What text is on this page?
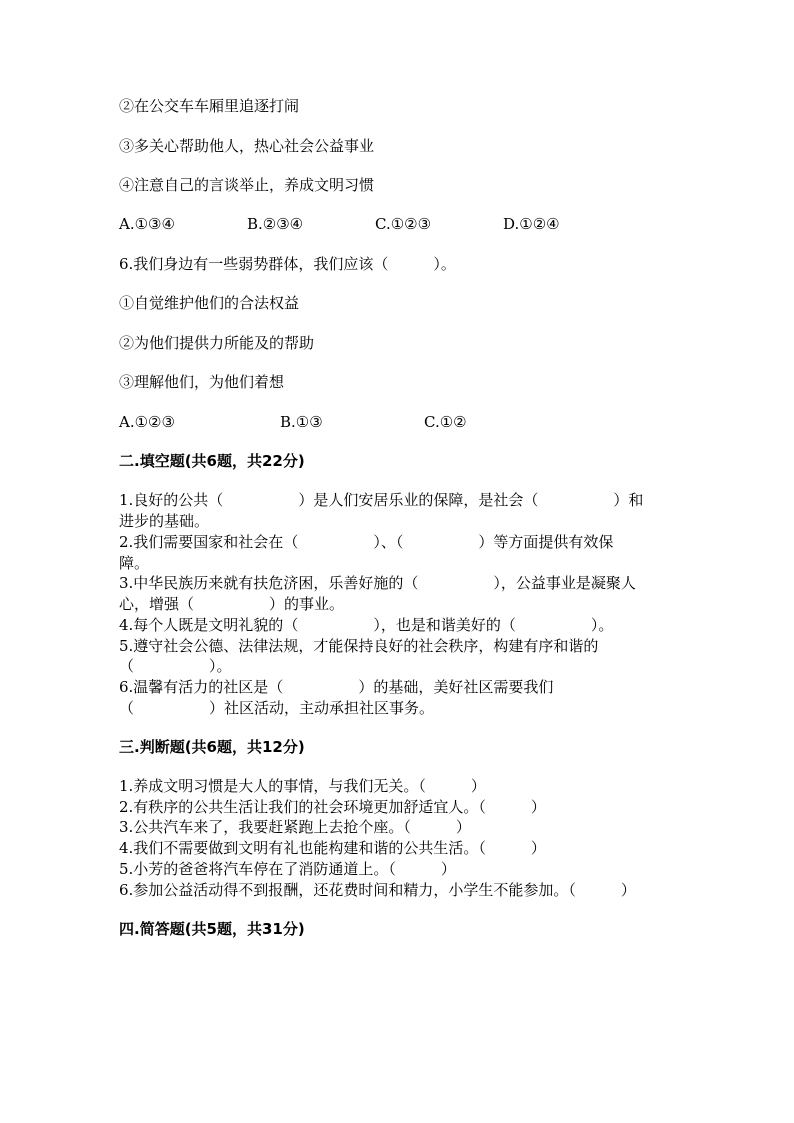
②在公交车车厢里追逐打闹
③多关心帮助他人，热心社会公益事业
④注意自己的言谈举止，养成文明习惯
A.①③④	B.②③④	C.①②③	D.①②④
6.我们身边有一些弱势群体，我们应该（　　　）。
①自觉维护他们的合法权益
②为他们提供力所能及的帮助
③理解他们，为他们着想
A.①②③	B.①③	C.①②
二.填空题(共6题，共22分)
1.良好的公共（　　　　　）是人们安居乐业的保障，是社会（　　　　　）和
进步的基础。
2.我们需要国家和社会在（　　　　　）、（　　　　　）等方面提供有效保
障。
3.中华民族历来就有扶危济困，乐善好施的（　　　　　），公益事业是凝聚人
心，增强（　　　　　）的事业。
4.每个人既是文明礼貌的（　　　　　），也是和谐美好的（　　　　　）。
5.遵守社会公德、法律法规，才能保持良好的社会秩序，构建有序和谐的
（　　　　　）。
6.温馨有活力的社区是（　　　　　）的基础，美好社区需要我们
（　　　　　）社区活动，主动承担社区事务。
三.判断题(共6题，共12分)
1.养成文明习惯是大人的事情，与我们无关。（　　　）
2.有秩序的公共生活让我们的社会环境更加舒适宜人。（　　　）
3.公共汽车来了，我要赶紧跑上去抢个座。（　　　）
4.我们不需要做到文明有礼也能构建和谐的公共生活。（　　　）
5.小芳的爸爸将汽车停在了消防通道上。（　　　）
6.参加公益活动得不到报酬，还花费时间和精力，小学生不能参加。（　　　）
四.简答题(共5题，共31分)
